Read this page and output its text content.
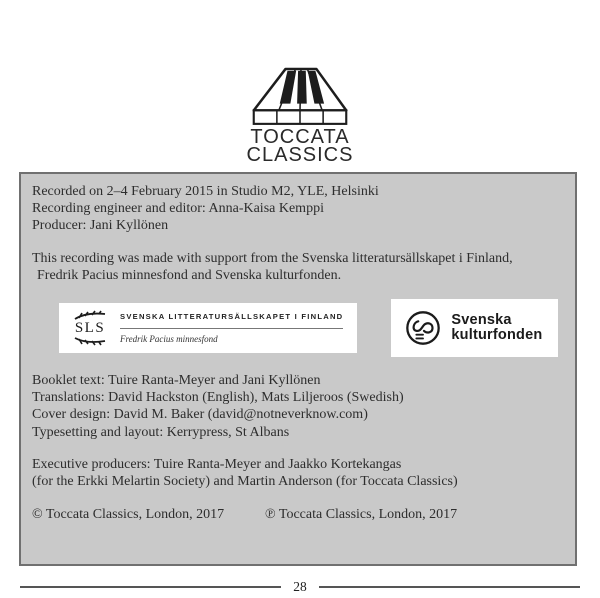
TOCCATA
CLASSICS
Recorded on 2–4 February 2015 in Studio M2, YLE, Helsinki
Recording engineer and editor: Anna-Kaisa Kemppi
Producer: Jani Kyllönen
This recording was made with support from the Svenska litteratursällskapet i Finland,
Fredrik Pacius minnesfond and Svenska kulturfonden.
SLS
SVENSKA LITTERATURSÄLLSKAPET I FINLAND
Fredrik Pacius minnesfond
Svenska
kulturfonden
Booklet text: Tuire Ranta-Meyer and Jani Kyllönen
Translations: David Hackston (English), Mats Liljeroos (Swedish)
Cover design: David M. Baker (david@notneverknow.com)
Typesetting and layout: Kerrypress, St Albans
Executive producers: Tuire Ranta-Meyer and Jaakko Kortekangas
(for the Erkki Melartin Society) and Martin Anderson (for Toccata Classics)
© Toccata Classics, London, 2017	℗ Toccata Classics, London, 2017
28
